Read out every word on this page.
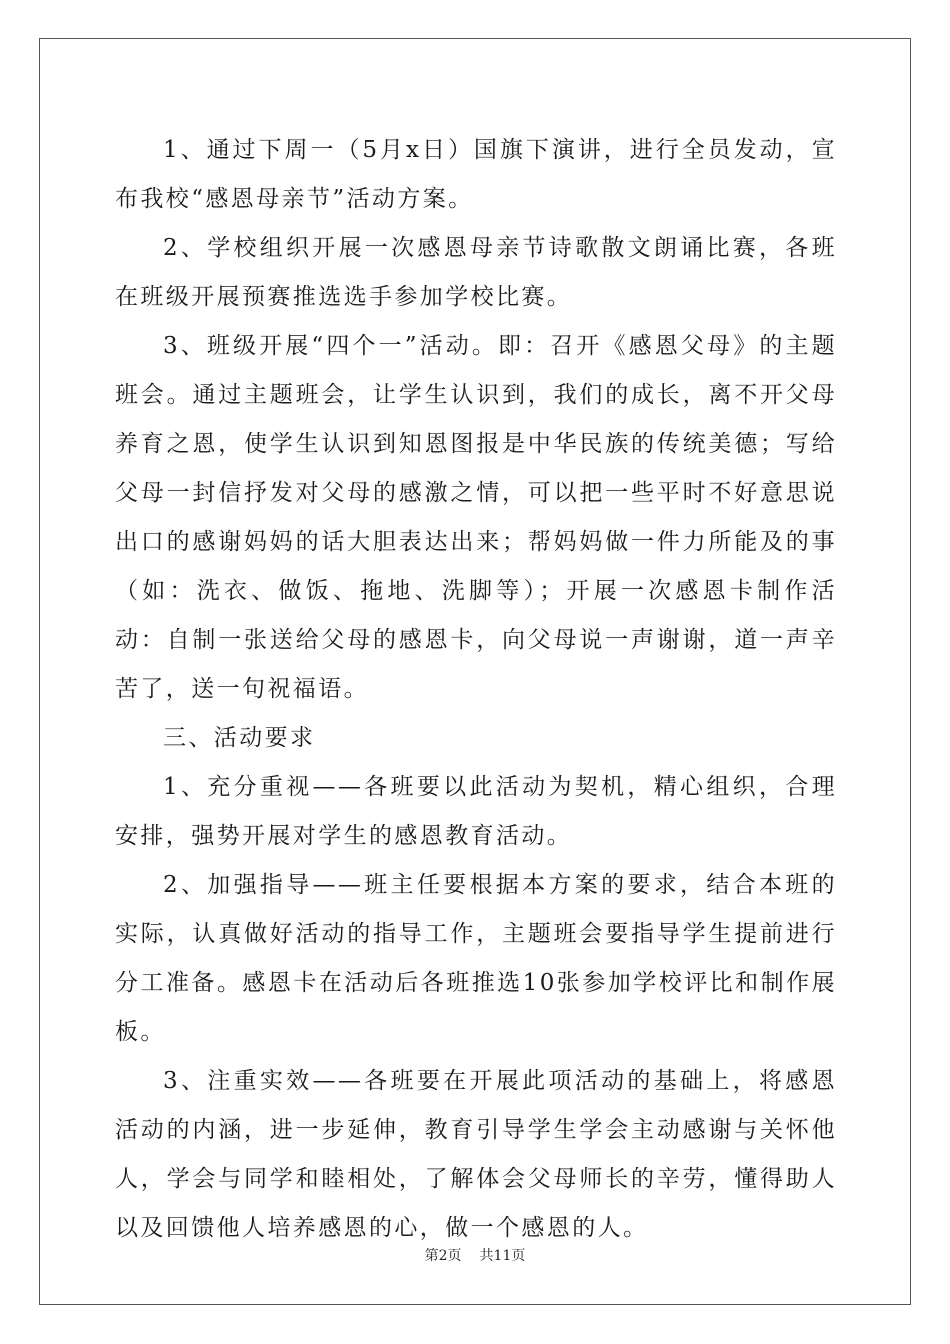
1、通过下周一（5月x日）国旗下演讲，进行全员发动，宣布我校“感恩母亲节”活动方案。

2、学校组织开展一次感恩母亲节诗歌散文朗诵比赛，各班在班级开展预赛推选选手参加学校比赛。

3、班级开展“四个一”活动。即：召开《感恩父母》的主题班会。通过主题班会，让学生认识到，我们的成长，离不开父母养育之恩，使学生认识到知恩图报是中华民族的传统美德；写给父母一封信抒发对父母的感激之情，可以把一些平时不好意思说出口的感谢妈妈的话大胆表达出来；帮妈妈做一件力所能及的事（如：洗衣、做饭、拖地、洗脚等）；开展一次感恩卡制作活动：自制一张送给父母的感恩卡，向父母说一声谢谢，道一声辛苦了，送一句祝福语。

三、活动要求

1、充分重视——各班要以此活动为契机，精心组织，合理安排，强势开展对学生的感恩教育活动。

2、加强指导——班主任要根据本方案的要求，结合本班的实际，认真做好活动的指导工作，主题班会要指导学生提前进行分工准备。感恩卡在活动后各班推选10张参加学校评比和制作展板。

3、注重实效——各班要在开展此项活动的基础上，将感恩活动的内涵，进一步延伸，教育引导学生学会主动感谢与关怀他人，学会与同学和睦相处，了解体会父母师长的辛劳，懂得助人以及回馈他人培养感恩的心，做一个感恩的人。

第2页 共11页
